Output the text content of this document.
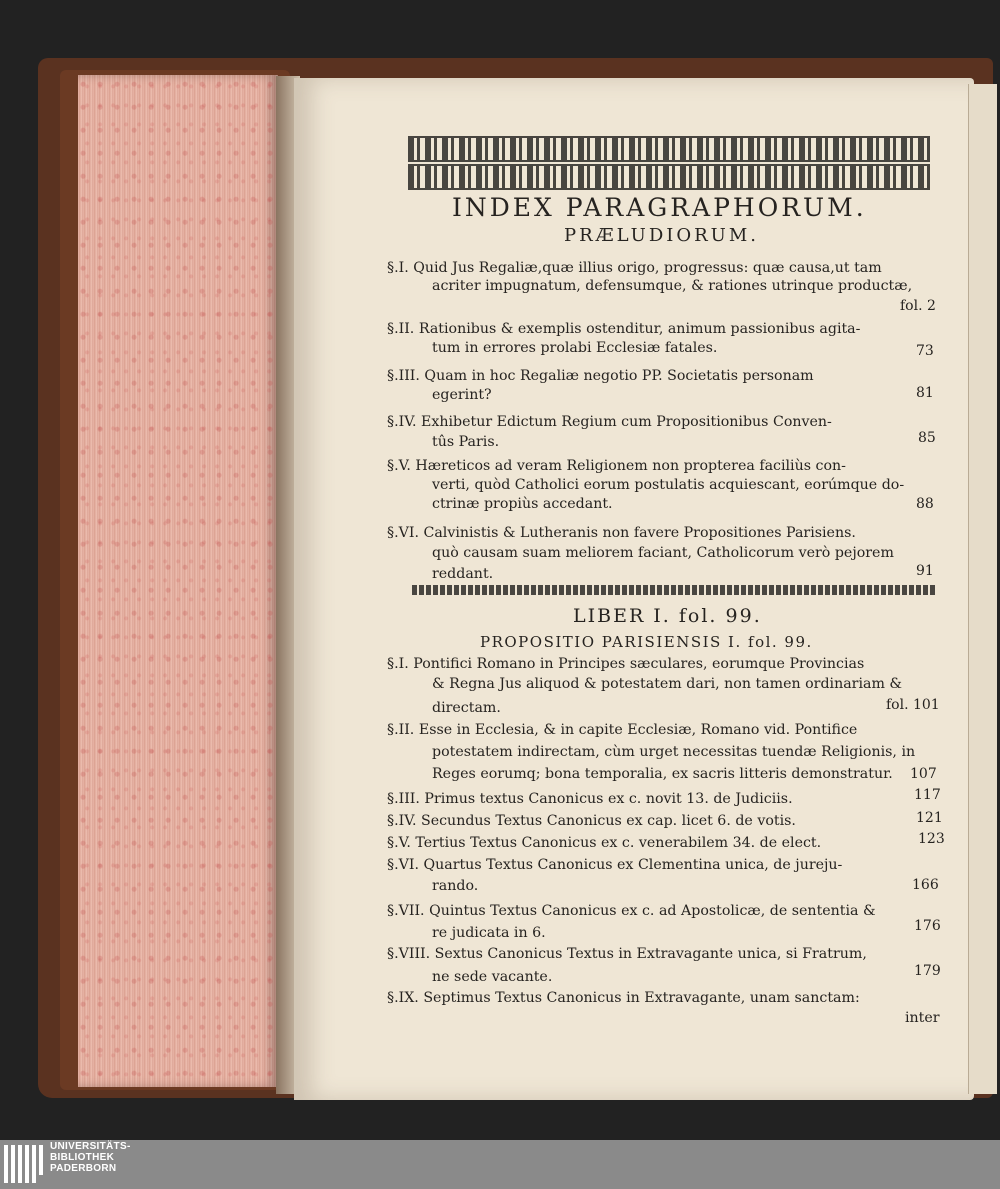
INDEX PARAGRAPHORUM.
PRÆLUDIORUM.
§.I. Quid Jus Regaliæ,quæ illius origo, progressus: quæ causa,ut tam
acriter impugnatum, defensumque, & rationes utrinque productæ,
fol. 2
§.II. Rationibus & exemplis ostenditur, animum passionibus agita-
tum in errores prolabi Ecclesiæ fatales.	73
§.III. Quam in hoc Regaliæ negotio PP. Societatis personam
egerint?	81
§.IV. Exhibetur Edictum Regium cum Propositionibus Conven-
tûs Paris.	85
§.V. Hæreticos ad veram Religionem non propterea faciliùs con-
verti, quòd Catholici eorum postulatis acquiescant, eorúmque do-
ctrinæ propiùs accedant.	88
§.VI. Calvinistis & Lutheranis non favere Propositiones Parisiens.
quò causam suam meliorem faciant, Catholicorum verò pejorem
reddant.	91
LIBER I. fol. 99.
PROPOSITIO PARISIENSIS I. fol. 99.
§.I. Pontifici Romano in Principes sæculares, eorumque Provincias
& Regna Jus aliquod & potestatem dari, non tamen ordinariam &
directam.	fol. 101
§.II. Esse in Ecclesia, & in capite Ecclesiæ, Romano vid. Pontifice
potestatem indirectam, cùm urget necessitas tuendæ Religionis, in
Reges eorumq; bona temporalia, ex sacris litteris demonstratur. 107
§.III. Primus textus Canonicus ex c. novit 13. de Judiciis.	117
§.IV. Secundus Textus Canonicus ex cap. licet 6. de votis.	121
§.V. Tertius Textus Canonicus ex c. venerabilem 34. de elect.	123
§.VI. Quartus Textus Canonicus ex Clementina unica, de jureju-
rando.	166
§.VII. Quintus Textus Canonicus ex c. ad Apostolicæ, de sententia &
re judicata in 6.	176
§.VIII. Sextus Canonicus Textus in Extravagante unica, si Fratrum,
ne sede vacante.	179
§.IX. Septimus Textus Canonicus in Extravagante, unam sanctam:
inter
UNIVERSITÄTS-
BIBLIOTHEK
PADERBORN
